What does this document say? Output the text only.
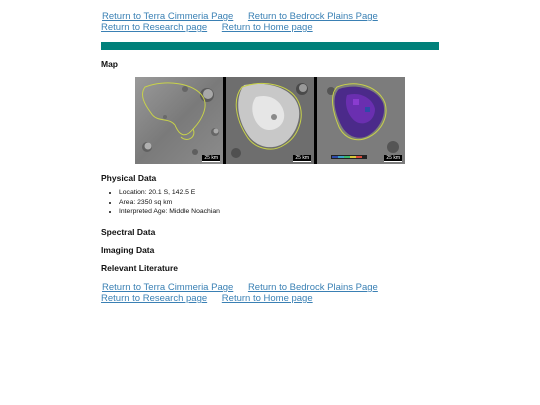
Return to Terra Cimmeria Page Return to Bedrock Plains Page
Return to Research page Return to Home page
Map
25 km	25 km	25 km
Physical Data
• Location: 20.1 S, 142.5 E
• Area: 2350 sq km
• Interpreted Age: Middle Noachian
Spectral Data
Imaging Data
Relevant Literature
Return to Terra Cimmeria Page Return to Bedrock Plains Page
Return to Research page Return to Home page
